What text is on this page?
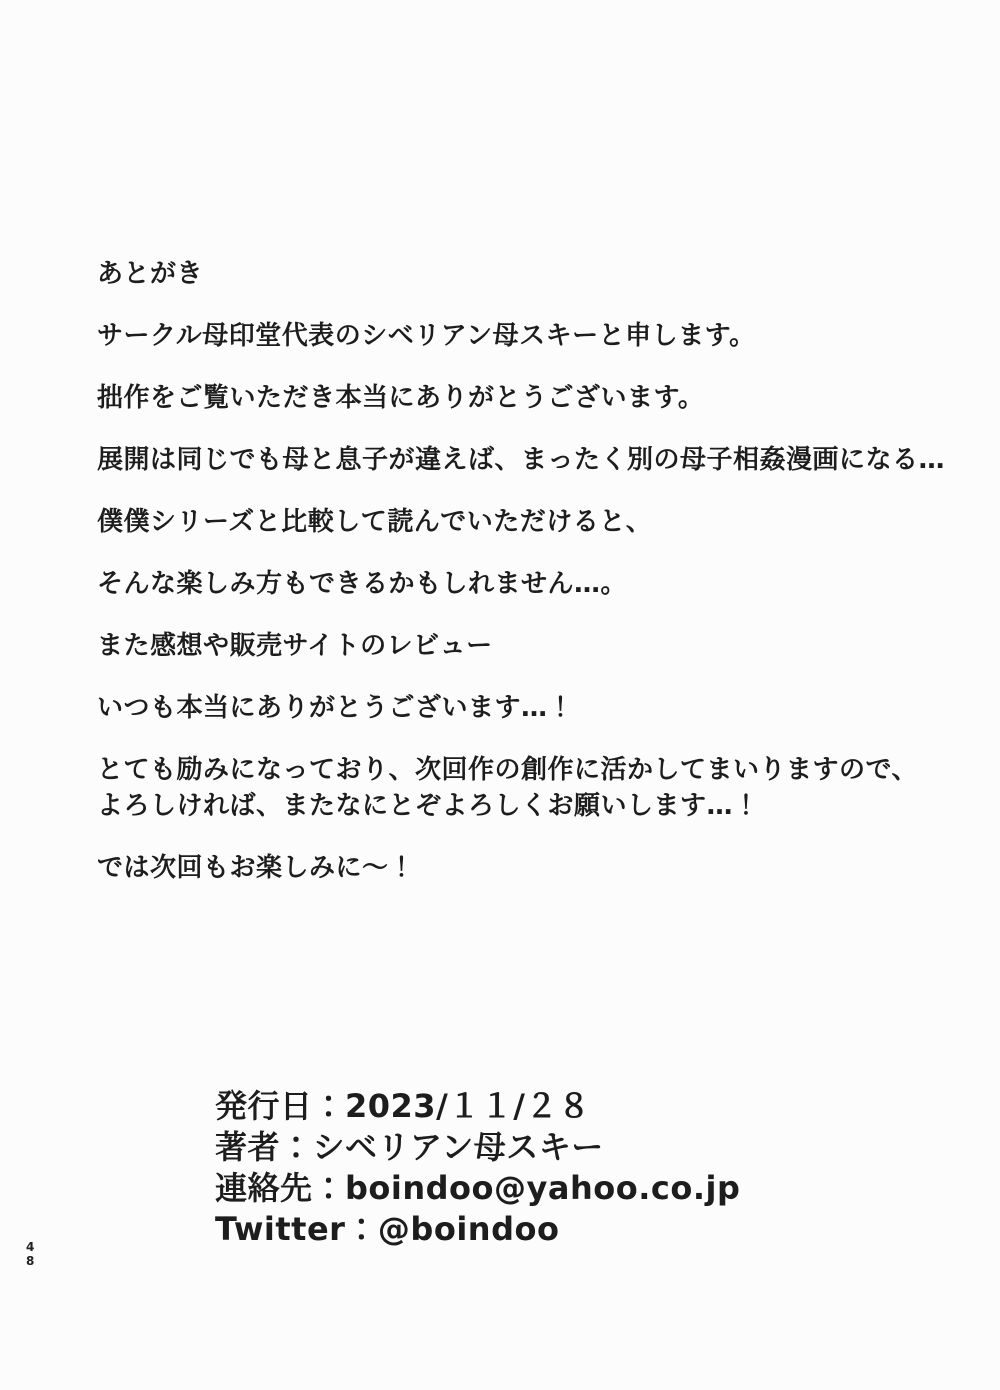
あとがき

サークル母印堂代表のシベリアン母スキーと申します。

拙作をご覧いただき本当にありがとうございます。

展開は同じでも母と息子が違えば、まったく別の母子相姦漫画になる…

僕僕シリーズと比較して読んでいただけると、

そんな楽しみ方もできるかもしれません…。

また感想や販売サイトのレビュー

いつも本当にありがとうございます…！

とても励みになっており、次回作の創作に活かしてまいりますので、 よろしければ、またなにとぞよろしくお願いします…！

では次回もお楽しみに〜！

発行日：2023/１１/２８
著者：シベリアン母スキー
連絡先：boindoo@yahoo.co.jp
Twitter：@boindoo
48
